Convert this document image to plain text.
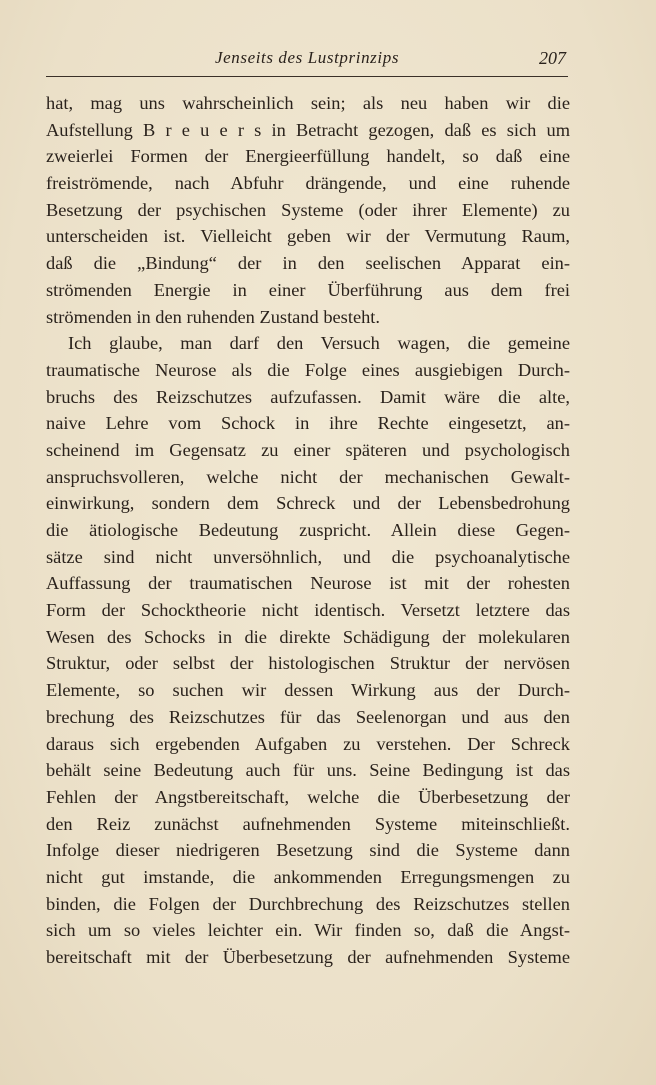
Jenseits des Lustprinzips	207
hat, mag uns wahrscheinlich sein; als neu haben wir die
Aufstellung B r e u e r s in Betracht gezogen, daß es sich um
zweierlei Formen der Energieerfüllung handelt, so daß eine
freiströmende, nach Abfuhr drängende, und eine ruhende
Besetzung der psychischen Systeme (oder ihrer Elemente) zu
unterscheiden ist. Vielleicht geben wir der Vermutung Raum,
daß die „Bindung“ der in den seelischen Apparat ein-
strömenden Energie in einer Überführung aus dem frei
strömenden in den ruhenden Zustand besteht.
Ich glaube, man darf den Versuch wagen, die gemeine
traumatische Neurose als die Folge eines ausgiebigen Durch-
bruchs des Reizschutzes aufzufassen. Damit wäre die alte,
naive Lehre vom Schock in ihre Rechte eingesetzt, an-
scheinend im Gegensatz zu einer späteren und psychologisch
anspruchsvolleren, welche nicht der mechanischen Gewalt-
einwirkung, sondern dem Schreck und der Lebensbedrohung
die ätiologische Bedeutung zuspricht. Allein diese Gegen-
sätze sind nicht unversöhnlich, und die psychoanalytische
Auffassung der traumatischen Neurose ist mit der rohesten
Form der Schocktheorie nicht identisch. Versetzt letztere das
Wesen des Schocks in die direkte Schädigung der molekularen
Struktur, oder selbst der histologischen Struktur der nervösen
Elemente, so suchen wir dessen Wirkung aus der Durch-
brechung des Reizschutzes für das Seelenorgan und aus den
daraus sich ergebenden Aufgaben zu verstehen. Der Schreck
behält seine Bedeutung auch für uns. Seine Bedingung ist das
Fehlen der Angstbereitschaft, welche die Überbesetzung der
den Reiz zunächst aufnehmenden Systeme miteinschließt.
Infolge dieser niedrigeren Besetzung sind die Systeme dann
nicht gut imstande, die ankommenden Erregungsmengen zu
binden, die Folgen der Durchbrechung des Reizschutzes stellen
sich um so vieles leichter ein. Wir finden so, daß die Angst-
bereitschaft mit der Überbesetzung der aufnehmenden Systeme
